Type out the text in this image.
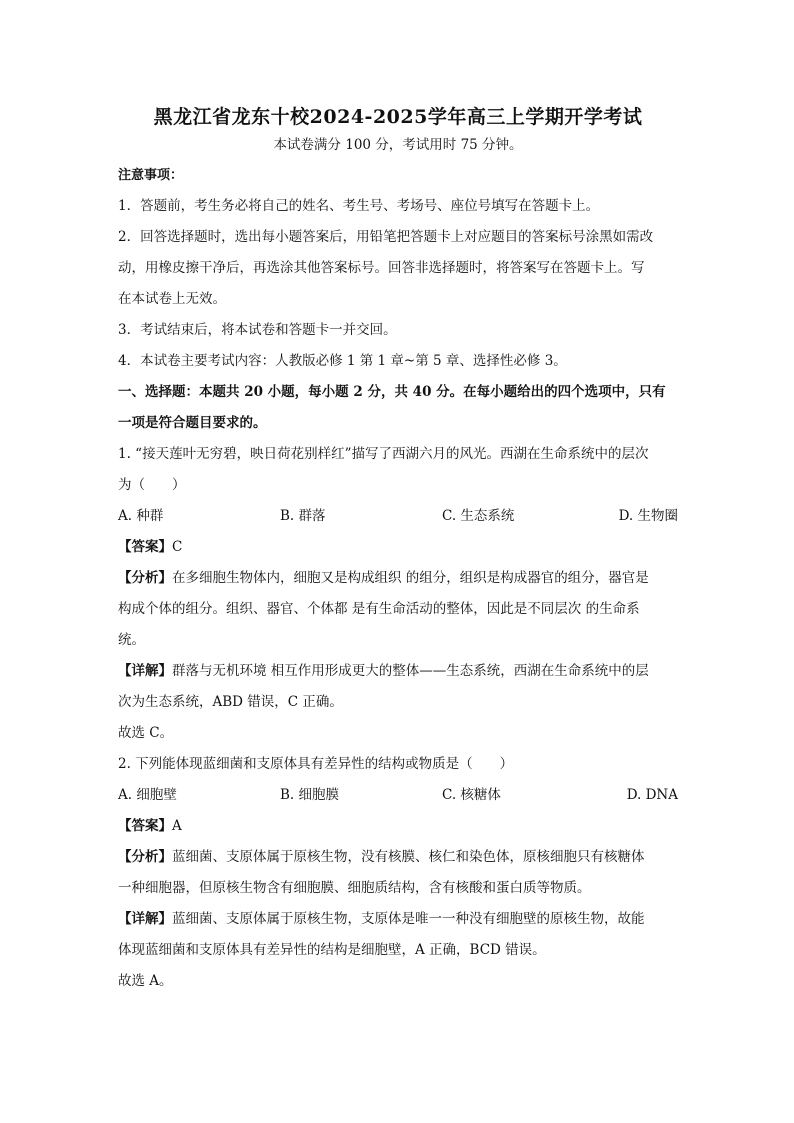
黑龙江省龙东十校2024-2025学年高三上学期开学考试

本试卷满分 100 分，考试用时 75 分钟。

注意事项：

1．答题前，考生务必将自己的姓名、考生号、考场号、座位号填写在答题卡上。

2．回答选择题时，选出每小题答案后，用铅笔把答题卡上对应题目的答案标号涂黑如需改

动，用橡皮擦干净后，再选涂其他答案标号。回答非选择题时，将答案写在答题卡上。写

在本试卷上无效。

3．考试结束后，将本试卷和答题卡一并交回。

4．本试卷主要考试内容：人教版必修 1 第 1 章~第 5 章、选择性必修 3。

一、选择题：本题共 20 小题，每小题 2 分，共 40 分。在每小题给出的四个选项中，只有

一项是符合题目要求的。

1. “接天莲叶无穷碧，映日荷花别样红”描写了西湖六月的风光。西湖在生命系统中的层次

为（　　）

A. 种群	B. 群落	C. 生态系统	D. 生物圈

【答案】C

【分析】在多细胞生物体内，细胞又是构成组织 的组分，组织是构成器官的组分，器官是

构成个体的组分。组织、器官、个体都 是有生命活动的整体，因此是不同层次 的生命系

统。

【详解】群落与无机环境 相互作用形成更大的整体——生态系统，西湖在生命系统中的层

次为生态系统，ABD 错误，C 正确。

故选 C。

2. 下列能体现蓝细菌和支原体具有差异性的结构或物质是（　　）

A. 细胞壁	B. 细胞膜	C. 核糖体	D. DNA

【答案】A

【分析】蓝细菌、支原体属于原核生物，没有核膜、核仁和染色体，原核细胞只有核糖体

一种细胞器，但原核生物含有细胞膜、细胞质结构，含有核酸和蛋白质等物质。

【详解】蓝细菌、支原体属于原核生物，支原体是唯一一种没有细胞壁的原核生物，故能

体现蓝细菌和支原体具有差异性的结构是细胞壁，A 正确，BCD 错误。

故选 A。
